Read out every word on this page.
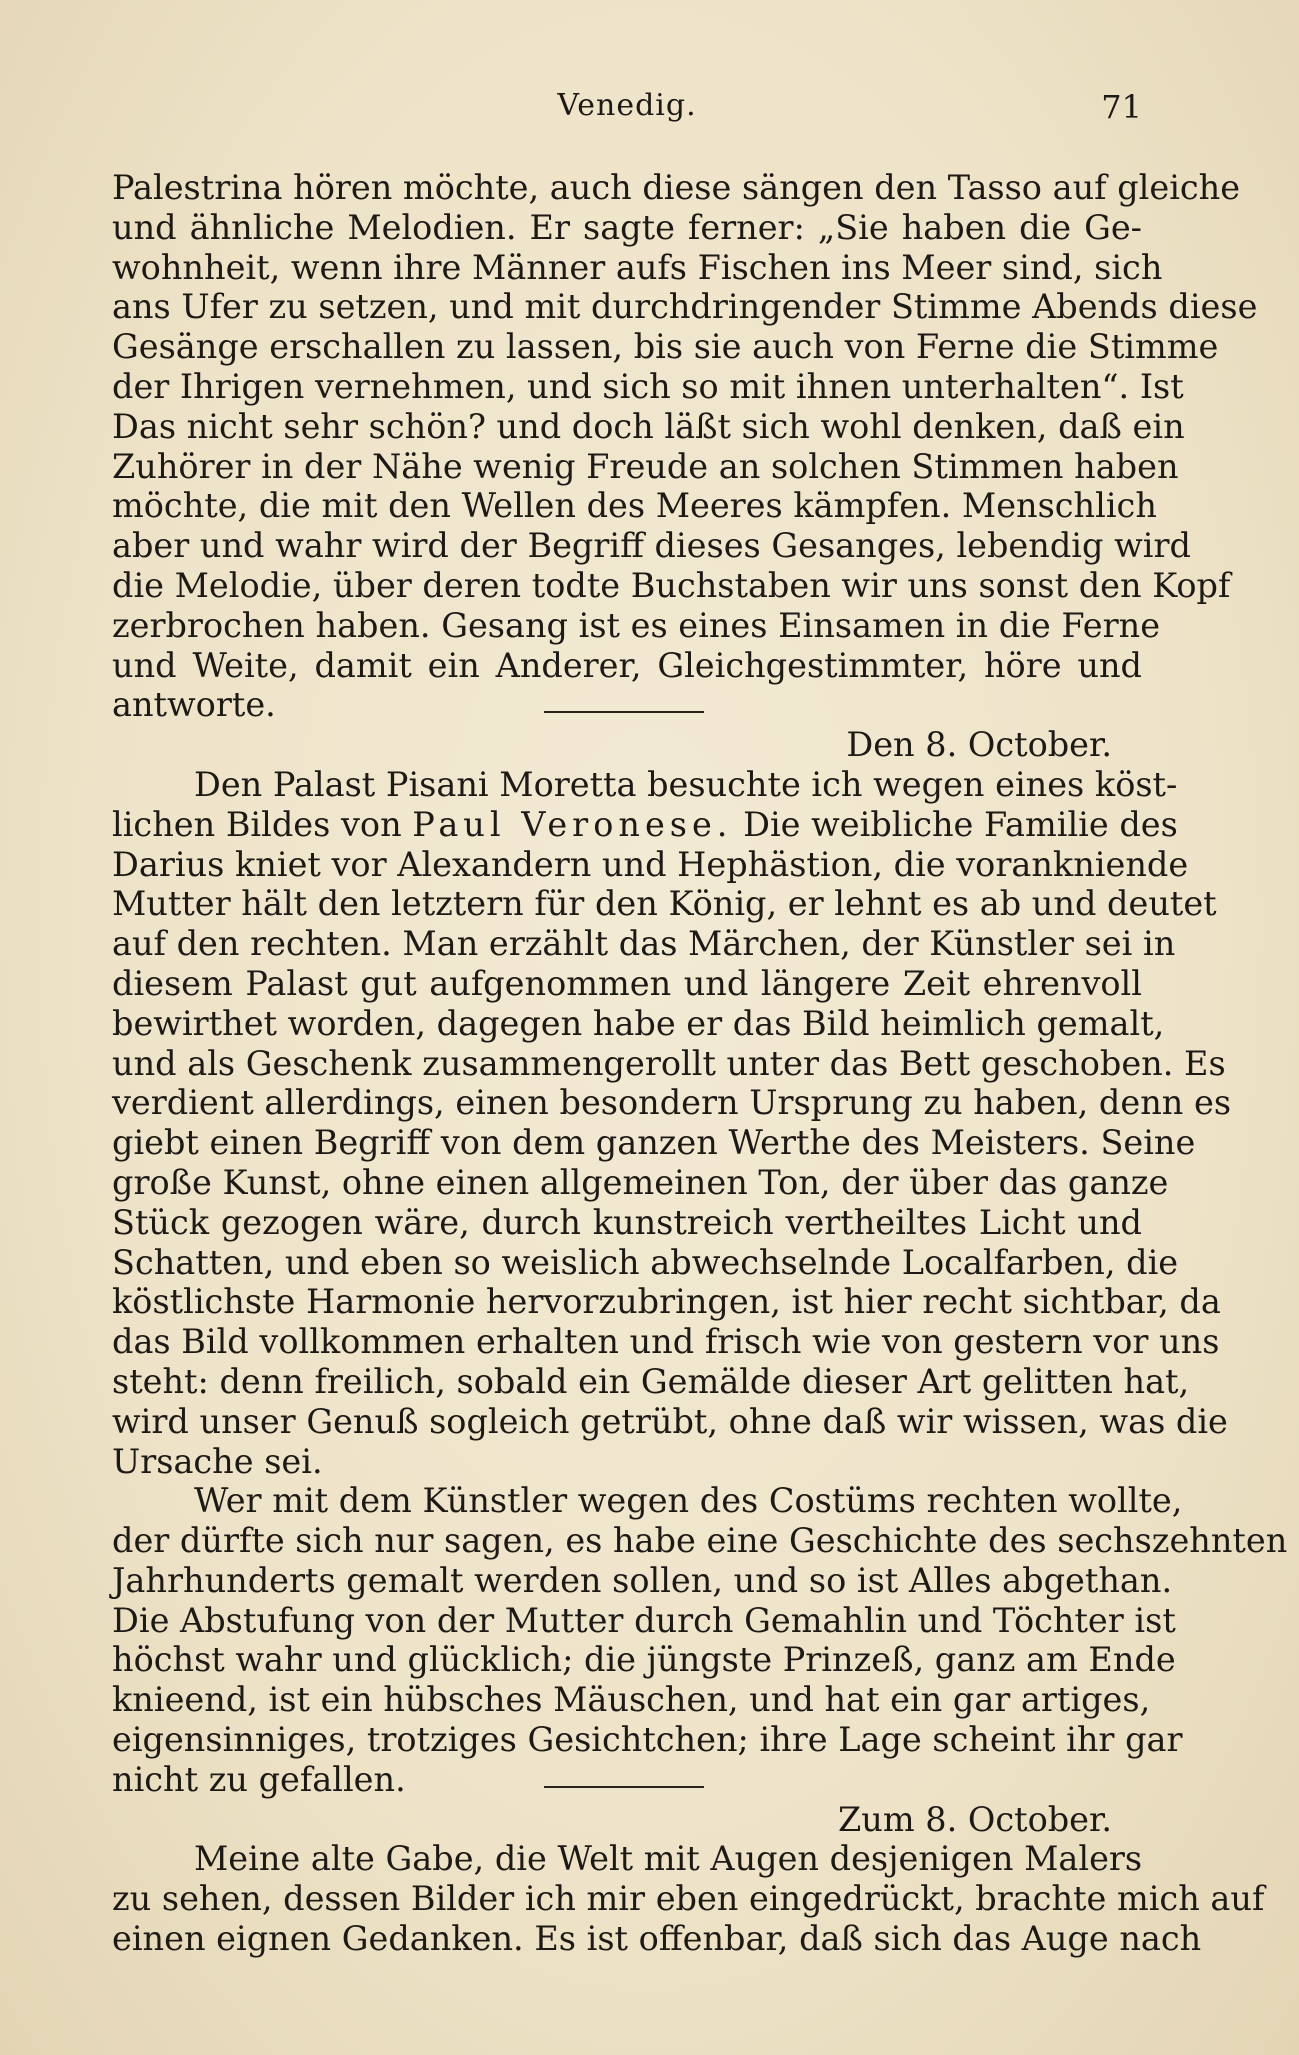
Venedig.	71
Palestrina hören möchte, auch diese sängen den Tasso auf gleiche
und ähnliche Melodien. Er sagte ferner: „Sie haben die Ge-
wohnheit, wenn ihre Männer aufs Fischen ins Meer sind, sich
ans Ufer zu setzen, und mit durchdringender Stimme Abends diese
Gesänge erschallen zu lassen, bis sie auch von Ferne die Stimme
der Ihrigen vernehmen, und sich so mit ihnen unterhalten“. Ist
Das nicht sehr schön? und doch läßt sich wohl denken, daß ein
Zuhörer in der Nähe wenig Freude an solchen Stimmen haben
möchte, die mit den Wellen des Meeres kämpfen. Menschlich
aber und wahr wird der Begriff dieses Gesanges, lebendig wird
die Melodie, über deren todte Buchstaben wir uns sonst den Kopf
zerbrochen haben. Gesang ist es eines Einsamen in die Ferne
und Weite, damit ein Anderer, Gleichgestimmter, höre und
antworte.
Den 8. October.
Den Palast Pisani Moretta besuchte ich wegen eines köst-
lichen Bildes von Paul Veronese. Die weibliche Familie des
Darius kniet vor Alexandern und Hephästion, die vorankniende
Mutter hält den letztern für den König, er lehnt es ab und deutet
auf den rechten. Man erzählt das Märchen, der Künstler sei in
diesem Palast gut aufgenommen und längere Zeit ehrenvoll
bewirthet worden, dagegen habe er das Bild heimlich gemalt,
und als Geschenk zusammengerollt unter das Bett geschoben. Es
verdient allerdings, einen besondern Ursprung zu haben, denn es
giebt einen Begriff von dem ganzen Werthe des Meisters. Seine
große Kunst, ohne einen allgemeinen Ton, der über das ganze
Stück gezogen wäre, durch kunstreich vertheiltes Licht und
Schatten, und eben so weislich abwechselnde Localfarben, die
köstlichste Harmonie hervorzubringen, ist hier recht sichtbar, da
das Bild vollkommen erhalten und frisch wie von gestern vor uns
steht: denn freilich, sobald ein Gemälde dieser Art gelitten hat,
wird unser Genuß sogleich getrübt, ohne daß wir wissen, was die
Ursache sei.
Wer mit dem Künstler wegen des Costüms rechten wollte,
der dürfte sich nur sagen, es habe eine Geschichte des sechszehnten
Jahrhunderts gemalt werden sollen, und so ist Alles abgethan.
Die Abstufung von der Mutter durch Gemahlin und Töchter ist
höchst wahr und glücklich; die jüngste Prinzeß, ganz am Ende
knieend, ist ein hübsches Mäuschen, und hat ein gar artiges,
eigensinniges, trotziges Gesichtchen; ihre Lage scheint ihr gar
nicht zu gefallen.
Zum 8. October.
Meine alte Gabe, die Welt mit Augen desjenigen Malers
zu sehen, dessen Bilder ich mir eben eingedrückt, brachte mich auf
einen eignen Gedanken. Es ist offenbar, daß sich das Auge nach
